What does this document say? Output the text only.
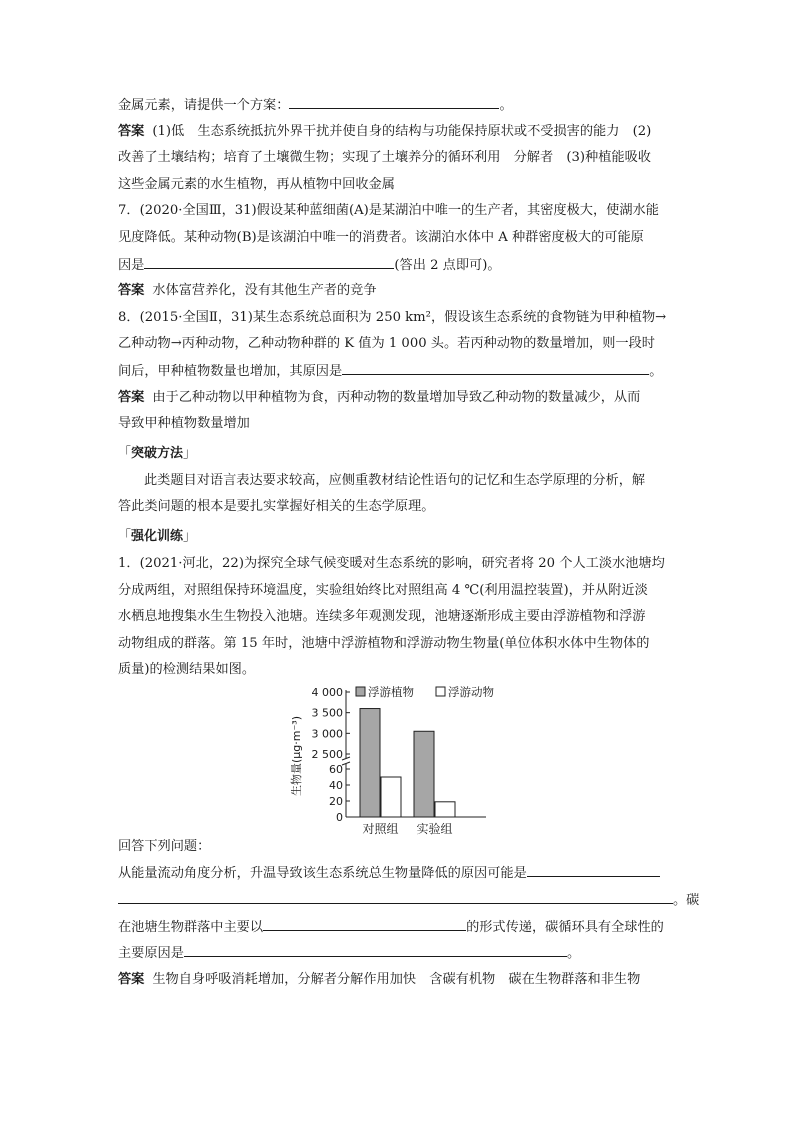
金属元素，请提供一个方案：	。
答案 (1)低　生态系统抵抗外界干扰并使自身的结构与功能保持原状或不受损害的能力　(2)
改善了土壤结构；培育了土壤微生物；实现了土壤养分的循环利用　分解者　(3)种植能吸收
这些金属元素的水生植物，再从植物中回收金属
7．(2020·全国Ⅲ，31)假设某种蓝细菌(A)是某湖泊中唯一的生产者，其密度极大，使湖水能
见度降低。某种动物(B)是该湖泊中唯一的消费者。该湖泊水体中 A 种群密度极大的可能原
因是	(答出 2 点即可)。
答案 水体富营养化，没有其他生产者的竞争
8．(2015·全国Ⅱ，31)某生态系统总面积为 250 km²，假设该生态系统的食物链为甲种植物→
乙种动物→丙种动物，乙种动物种群的 K 值为 1 000 头。若丙种动物的数量增加，则一段时
间后，甲种植物数量也增加，其原因是	。
答案 由于乙种动物以甲种植物为食，丙种动物的数量增加导致乙种动物的数量减少，从而
导致甲种植物数量增加
「突破方法」
此类题目对语言表达要求较高，应侧重教材结论性语句的记忆和生态学原理的分析，解
答此类问题的根本是要扎实掌握好相关的生态学原理。
「强化训练」
1．(2021·河北，22)为探究全球气候变暖对生态系统的影响，研究者将 20 个人工淡水池塘均
分成两组，对照组保持环境温度，实验组始终比对照组高 4 ℃(利用温控装置)，并从附近淡
水栖息地搜集水生生物投入池塘。连续多年观测发现，池塘逐渐形成主要由浮游植物和浮游
动物组成的群落。第 15 年时，池塘中浮游植物和浮游动物生物量(单位体积水体中生物体的
质量)的检测结果如图。
0
20
40
60
2 500
3 000
3 500
4 000
生物量(μg·m⁻³)
对照组 实验组
浮游植物	浮游动物
回答下列问题：
从能量流动角度分析，升温导致该生态系统总生物量降低的原因可能是
。碳
在池塘生物群落中主要以	的形式传递，碳循环具有全球性的
主要原因是	。
答案 生物自身呼吸消耗增加，分解者分解作用加快　含碳有机物　碳在生物群落和非生物
